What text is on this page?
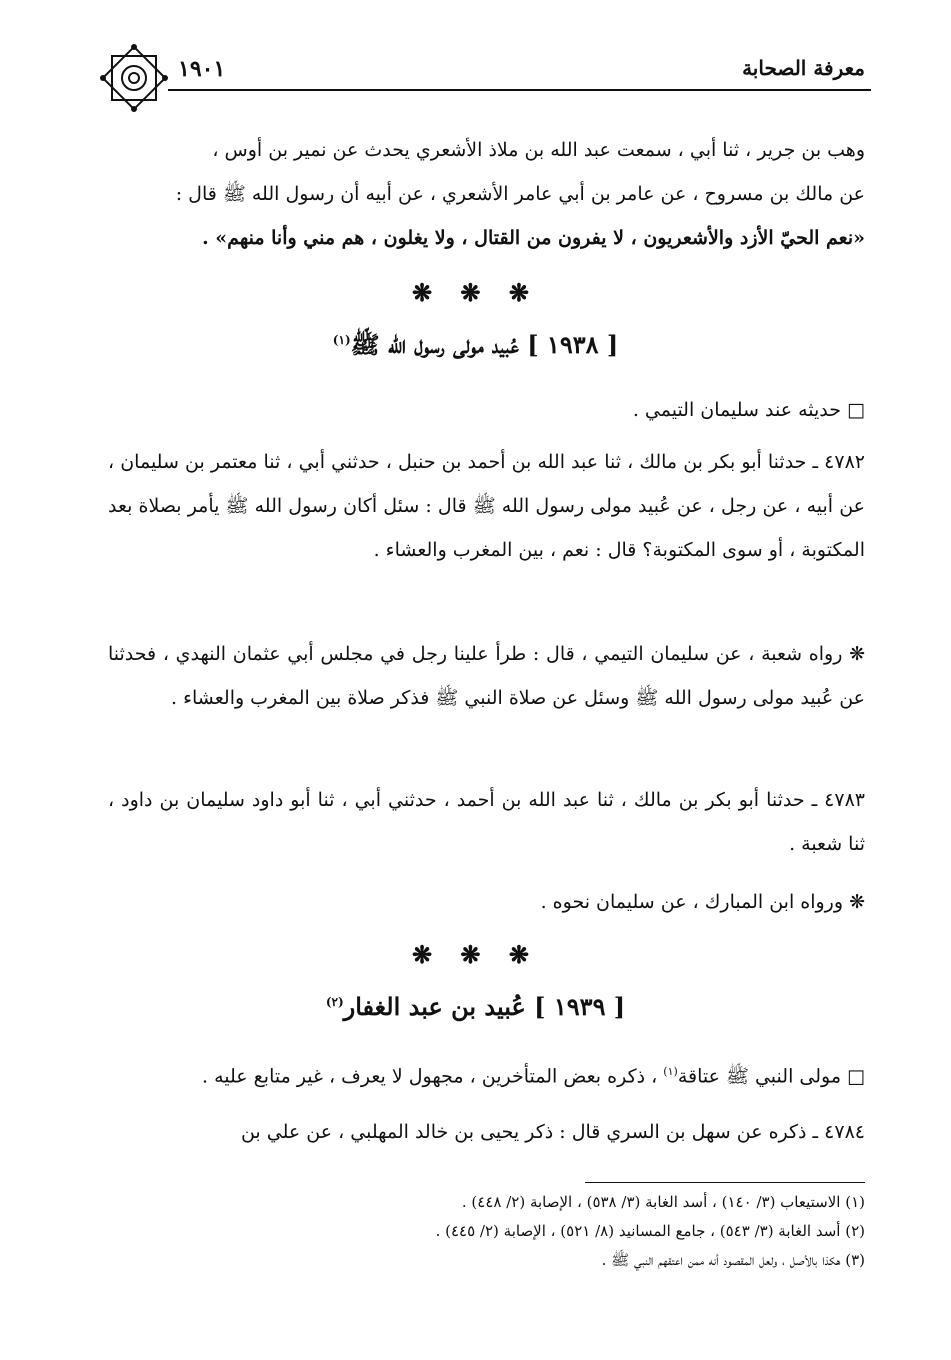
معرفة الصحابة
١٩٠١

وهب بن جرير ، ثنا أبي ، سمعت عبد الله بن ملاذ الأشعري يحدث عن نمير بن أوس ،

عن مالك بن مسروح ، عن عامر بن أبي عامر الأشعري ، عن أبيه أن رسول الله ﷺ قال :

«نعم الحيّ الأزد والأشعريون ، لا يفرون من القتال ، ولا يغلون ، هم مني وأنا منهم» .

❋ ❋ ❋
[ ١٩٣٨ ] عُبيد مولى رسول الله ﷺ$^{(١)}$

□ حديثه عند سليمان التيمي .

٤٧٨٢ ـ حدثنا أبو بكر بن مالك ، ثنا عبد الله بن أحمد بن حنبل ، حدثني أبي ، ثنا معتمر بن سليمان ، عن أبيه ، عن رجل ، عن عُبيد مولى رسول الله ﷺ قال : سئل أكان رسول الله ﷺ يأمر بصلاة بعد المكتوبة ، أو سوى المكتوبة؟ قال : نعم ، بين المغرب والعشاء .

❋ رواه شعبة ، عن سليمان التيمي ، قال : طرأ علينا رجل في مجلس أبي عثمان النهدي ، فحدثنا عن عُبيد مولى رسول الله ﷺ وسئل عن صلاة النبي ﷺ فذكر صلاة بين المغرب والعشاء .

٤٧٨٣ ـ حدثنا أبو بكر بن مالك ، ثنا عبد الله بن أحمد ، حدثني أبي ، ثنا أبو داود سليمان بن داود ، ثنا شعبة .

❋ ورواه ابن المبارك ، عن سليمان نحوه .

❋ ❋ ❋
[ ١٩٣٩ ] عُبيد بن عبد الغفار$^{(٢)}$

□ مولى النبي ﷺ عتاقة$^{(١)}$ ، ذكره بعض المتأخرين ، مجهول لا يعرف ، غير متابع عليه .

٤٧٨٤ ـ ذكره عن سهل بن السري قال : ذكر يحيى بن خالد المهلبي ، عن علي بن

(١) الاستيعاب (٣/ ١٤٠) ، أسد الغابة (٣/ ٥٣٨) ، الإصابة (٢/ ٤٤٨) .
(٢) أسد الغابة (٣/ ٥٤٣) ، جامع المسانيد (٨/ ٥٢١) ، الإصابة (٢/ ٤٤٥) .
(٣) هكذا بالأصل ، ولعل المقصود أنه ممن اعتقهم النبي ﷺ .
